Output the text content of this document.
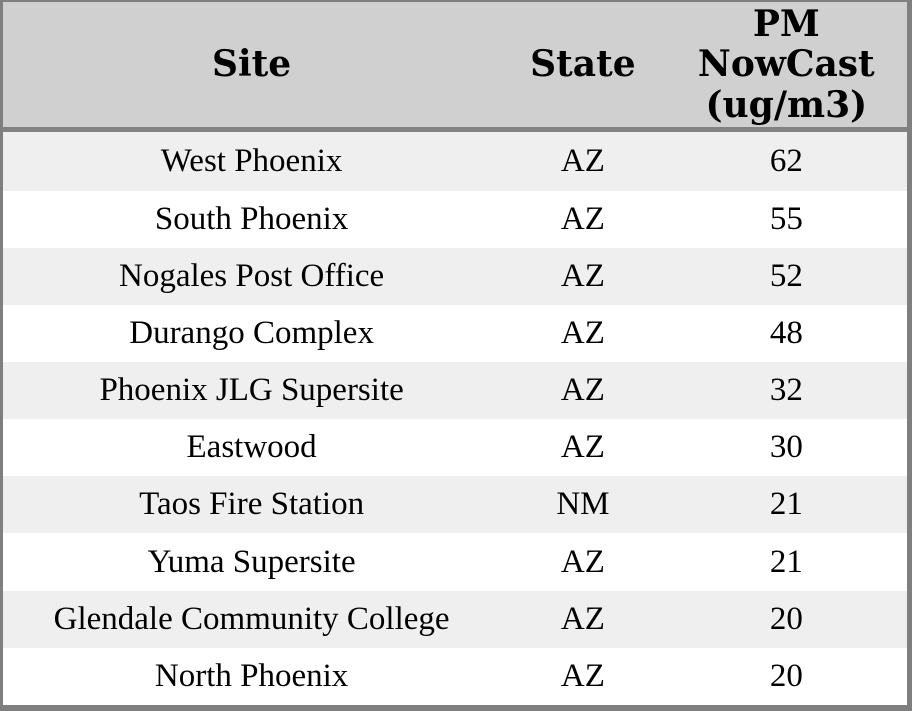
Site	State	PM NowCast (ug/m3)

West Phoenix	AZ	62
South Phoenix	AZ	55
Nogales Post Office	AZ	52
Durango Complex	AZ	48
Phoenix JLG Supersite	AZ	32
Eastwood	AZ	30
Taos Fire Station	NM	21
Yuma Supersite	AZ	21
Glendale Community College	AZ	20
North Phoenix	AZ	20
